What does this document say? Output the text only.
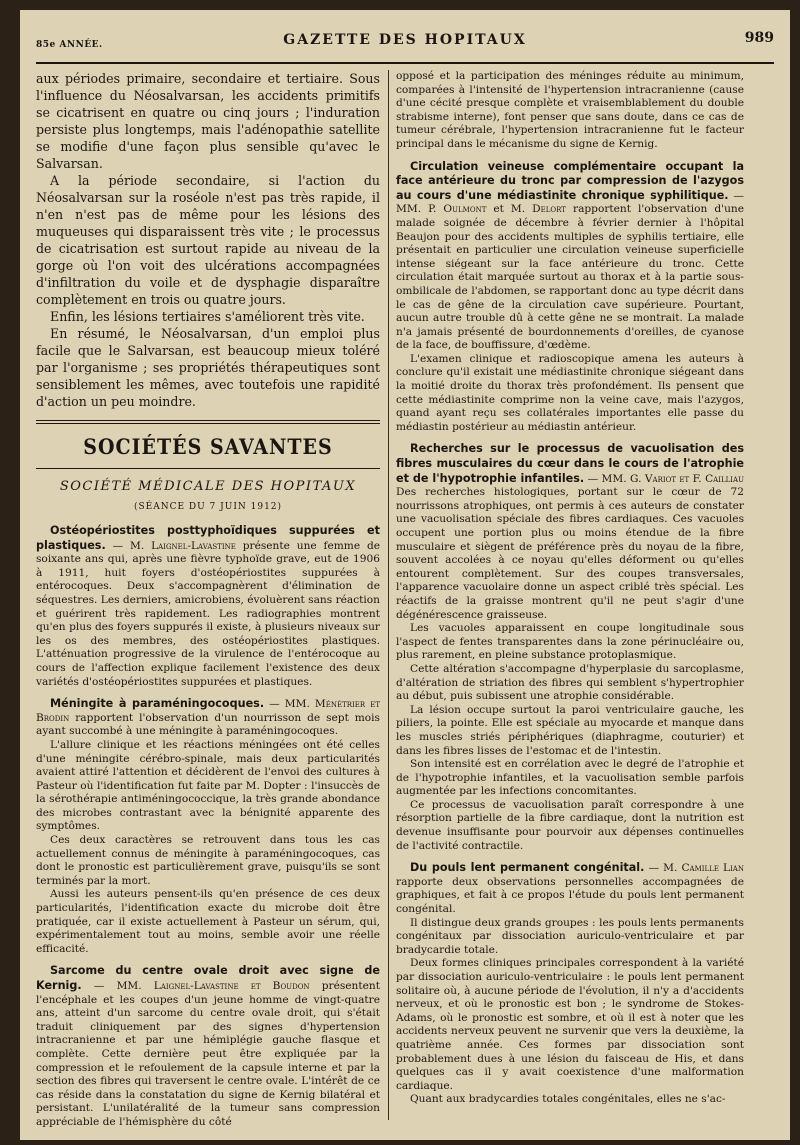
85e ANNÉE.	GAZETTE DES HOPITAUX	989

aux périodes primaire, secondaire et tertiaire. Sous l'influence du Néosalvarsan, les accidents primitifs se cicatrisent en quatre ou cinq jours ; l'induration persiste plus longtemps, mais l'adénopathie satellite se modifie d'une façon plus sensible qu'avec le Salvarsan.

A la période secondaire, si l'action du Néosalvarsan sur la roséole n'est pas très rapide, il n'en n'est pas de même pour les lésions des muqueuses qui disparaissent très vite ; le processus de cicatrisation est surtout rapide au niveau de la gorge où l'on voit des ulcérations accompagnées d'infiltration du voile et de dysphagie disparaître complètement en trois ou quatre jours.

Enfin, les lésions tertiaires s'améliorent très vite.

En résumé, le Néosalvarsan, d'un emploi plus facile que le Salvarsan, est beaucoup mieux toléré par l'organisme ; ses propriétés thérapeutiques sont sensiblement les mêmes, avec toutefois une rapidité d'action un peu moindre.

SOCIÉTÉS SAVANTES
SOCIÉTÉ MÉDICALE DES HOPITAUX
(SÉANCE DU 7 JUIN 1912)

Ostéopériostites posttyphoïdiques suppurées et plastiques. — M. Laignel-Lavastine présente une femme de soixante ans qui, après une fièvre typhoïde grave, eut de 1906 à 1911, huit foyers d'ostéopériostites suppurées à entérocoques. Deux s'accompagnèrent d'élimination de séquestres. Les derniers, amicrobiens, évoluèrent sans réaction et guérirent très rapidement. Les radiographies montrent qu'en plus des foyers suppurés il existe, à plusieurs niveaux sur les os des membres, des ostéopériostites plastiques. L'atténuation progressive de la virulence de l'entérocoque au cours de l'affection explique facilement l'existence des deux variétés d'ostéopériostites suppurées et plastiques.

Méningite à paraméningocoques. — MM. Ménétrier et Brodin rapportent l'observation d'un nourrisson de sept mois ayant succombé à une méningite à paraméningocoques.

L'allure clinique et les réactions méningées ont été celles d'une méningite cérébro-spinale, mais deux particularités avaient attiré l'attention et décidèrent de l'envoi des cultures à Pasteur où l'identification fut faite par M. Dopter : l'insuccès de la sérothérapie antiméningococcique, la très grande abondance des microbes contrastant avec la bénignité apparente des symptômes.

Ces deux caractères se retrouvent dans tous les cas actuellement connus de méningite à paraméningocoques, cas dont le pronostic est particulièrement grave, puisqu'ils se sont terminés par la mort.

Aussi les auteurs pensent-ils qu'en présence de ces deux particularités, l'identification exacte du microbe doit être pratiquée, car il existe actuellement à Pasteur un sérum, qui, expérimentalement tout au moins, semble avoir une réelle efficacité.

Sarcome du centre ovale droit avec signe de Kernig. — MM. Laignel-Lavastine et Boudon présentent l'encéphale et les coupes d'un jeune homme de vingt-quatre ans, atteint d'un sarcome du centre ovale droit, qui s'était traduit cliniquement par des signes d'hypertension intracranienne et par une hémiplégie gauche flasque et complète. Cette dernière peut être expliquée par la compression et le refoulement de la capsule interne et par la section des fibres qui traversent le centre ovale. L'intérêt de ce cas réside dans la constatation du signe de Kernig bilatéral et persistant. L'unilatéralité de la tumeur sans compression appréciable de l'hémisphère du côté

opposé et la participation des méninges réduite au minimum, comparées à l'intensité de l'hypertension intracranienne (cause d'une cécité presque complète et vraisemblablement du double strabisme interne), font penser que sans doute, dans ce cas de tumeur cérébrale, l'hypertension intracranienne fut le facteur principal dans le mécanisme du signe de Kernig.

Circulation veineuse complémentaire occupant la face antérieure du tronc par compression de l'azygos au cours d'une médiastinite chronique syphilitique. — MM. P. Oulmont et M. Delort rapportent l'observation d'une malade soignée de décembre à février dernier à l'hôpital Beaujon pour des accidents multiples de syphilis tertiaire, elle présentait en particulier une circulation veineuse superficielle intense siégeant sur la face antérieure du tronc. Cette circulation était marquée surtout au thorax et à la partie sous-ombilicale de l'abdomen, se rapportant donc au type décrit dans le cas de gêne de la circulation cave supérieure. Pourtant, aucun autre trouble dû à cette gêne ne se montrait. La malade n'a jamais présenté de bourdonnements d'oreilles, de cyanose de la face, de bouffissure, d'œdème.

L'examen clinique et radioscopique amena les auteurs à conclure qu'il existait une médiastinite chronique siégeant dans la moitié droite du thorax très profondément. Ils pensent que cette médiastinite comprime non la veine cave, mais l'azygos, quand ayant reçu ses collatérales importantes elle passe du médiastin postérieur au médiastin antérieur.

Recherches sur le processus de vacuolisation des fibres musculaires du cœur dans le cours de l'atrophie et de l'hypotrophie infantiles. — MM. G. Variot et F. Cailliau Des recherches histologiques, portant sur le cœur de 72 nourrissons atrophiques, ont permis à ces auteurs de constater une vacuolisation spéciale des fibres cardiaques. Ces vacuoles occupent une portion plus ou moins étendue de la fibre musculaire et siègent de préférence près du noyau de la fibre, souvent accolées à ce noyau qu'elles déforment ou qu'elles entourent complètement. Sur des coupes transversales, l'apparence vacuolaire donne un aspect criblé très spécial. Les réactifs de la graisse montrent qu'il ne peut s'agir d'une dégénérescence graisseuse.

Les vacuoles apparaissent en coupe longitudinale sous l'aspect de fentes transparentes dans la zone périnucléaire ou, plus rarement, en pleine substance protoplasmique.

Cette altération s'accompagne d'hyperplasie du sarcoplasme, d'altération de striation des fibres qui semblent s'hypertrophier au début, puis subissent une atrophie considérable.

La lésion occupe surtout la paroi ventriculaire gauche, les piliers, la pointe. Elle est spéciale au myocarde et manque dans les muscles striés périphériques (diaphragme, couturier) et dans les fibres lisses de l'estomac et de l'intestin.

Son intensité est en corrélation avec le degré de l'atrophie et de l'hypotrophie infantiles, et la vacuolisation semble parfois augmentée par les infections concomitantes.

Ce processus de vacuolisation paraît correspondre à une résorption partielle de la fibre cardiaque, dont la nutrition est devenue insuffisante pour pourvoir aux dépenses continuelles de l'activité contractile.

Du pouls lent permanent congénital. — M. Camille Lian rapporte deux observations personnelles accompagnées de graphiques, et fait à ce propos l'étude du pouls lent permanent congénital.

Il distingue deux grands groupes : les pouls lents permanents congénitaux par dissociation auriculo-ventriculaire et par bradycardie totale.

Deux formes cliniques principales correspondent à la variété par dissociation auriculo-ventriculaire : le pouls lent permanent solitaire où, à aucune période de l'évolution, il n'y a d'accidents nerveux, et où le pronostic est bon ; le syndrome de Stokes-Adams, où le pronostic est sombre, et où il est à noter que les accidents nerveux peuvent ne survenir que vers la deuxième, la quatrième année. Ces formes par dissociation sont probablement dues à une lésion du faisceau de His, et dans quelques cas il y avait coexistence d'une malformation cardiaque.

Quant aux bradycardies totales congénitales, elles ne s'ac-
